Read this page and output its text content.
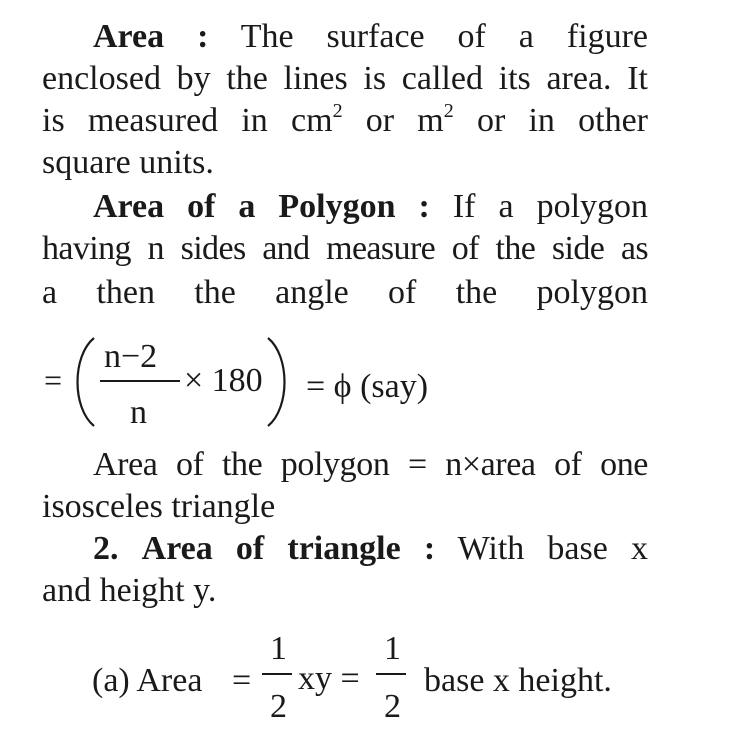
Area : The surface of a figure
enclosed by the lines is called its area. It
is measured in $cm^2$ or $m^2$ or in other
square units.
Area of a Polygon : If a polygon
having n sides and measure of the side as
a then the angle of the polygon
=
n−2
n
× 180 = ϕ (say)
Area of the polygon = n×area of one
isosceles triangle
2. Area of triangle : With base x
and height y.
(a) Area =
1
2
xy =
1
2
base x height.
